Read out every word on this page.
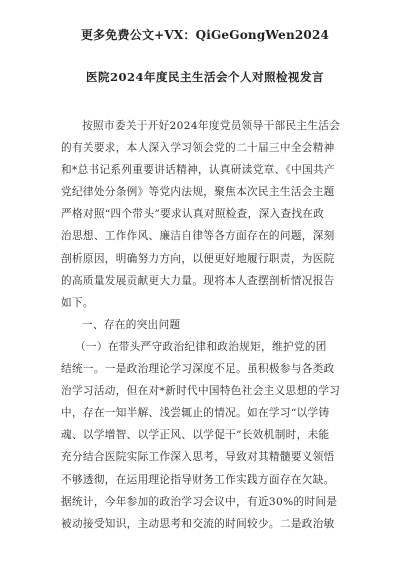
更多免费公文+VX：QiGeGongWen2024
医院2024年度民主生活会个人对照检视发言
按照市委关于开好2024年度党员领导干部民主生活会
的有关要求，本人深入学习领会党的二十届三中全会精神
和*总书记系列重要讲话精神，认真研读党章、《中国共产
党纪律处分条例》等党内法规，聚焦本次民主生活会主题
严格对照“四个带头”要求认真对照检查，深入查找在政
治思想、工作作风、廉洁自律等各方面存在的问题，深刻
剖析原因，明确努力方向，以便更好地履行职责，为医院
的高质量发展贡献更大力量。现将本人查摆剖析情况报告
如下。
一、存在的突出问题
（一）在带头严守政治纪律和政治规矩，维护党的团
结统一。一是政治理论学习深度不足。虽积极参与各类政
治学习活动，但在对*新时代中国特色社会主义思想的学习
中，存在一知半解、浅尝辄止的情况。如在学习“以学铸
魂、以学增智、以学正风、以学促干”长效机制时，未能
充分结合医院实际工作深入思考，导致对其精髓要义领悟
不够透彻，在运用理论指导财务工作实践方面存在欠缺。
据统计，今年参加的政治学习会议中，有近30%的时间是
被动接受知识，主动思考和交流的时间较少。二是政治敏
